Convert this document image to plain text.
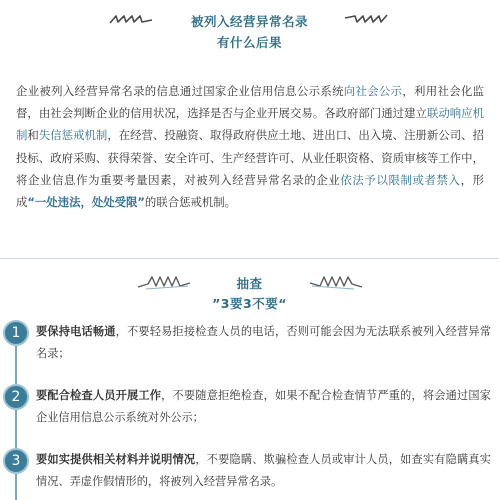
被列入经营异常名录
有什么后果

企业被列入经营异常名录的信息通过国家企业信用信息公示系统向社会公示，利用社会化监督，由社会判断企业的信用状况，选择是否与企业开展交易。各政府部门通过建立联动响应机制和失信惩戒机制，在经营、投融资、取得政府供应土地、进出口、出入境、注册新公司、招投标、政府采购、获得荣誉、安全许可、生产经营许可、从业任职资格、资质审核等工作中，将企业信息作为重要考量因素，对被列入经营异常名录的企业依法予以限制或者禁入，形成“一处违法，处处受限”的联合惩戒机制。

抽查
”3要3不要“
1	要保持电话畅通，不要轻易拒接检查人员的电话，否则可能会因为无法联系被列入经营异常名录；

2	要配合检查人员开展工作，不要随意拒绝检查，如果不配合检查情节严重的，将会通过国家企业信用信息公示系统对外公示；

3	要如实提供相关材料并说明情况，不要隐瞒、欺骗检查人员或审计人员，如查实有隐瞒真实情况、弄虚作假情形的，将被列入经营异常名录。
